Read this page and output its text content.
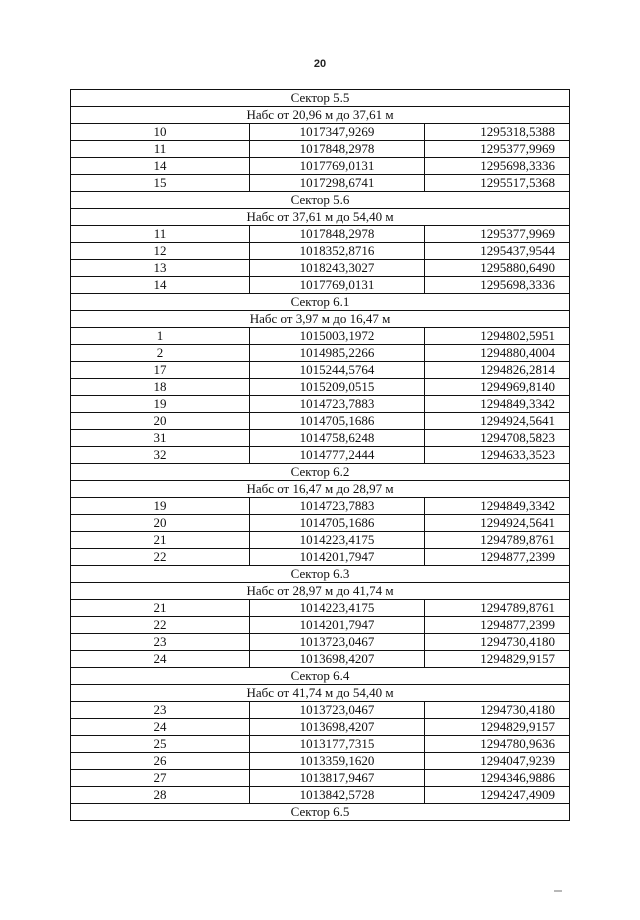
20
Сектор 5.5		
Набс от 20,96 м до 37,61 м		
10	1017347,9269	1295318,5388
11	1017848,2978	1295377,9969
14	1017769,0131	1295698,3336
15	1017298,6741	1295517,5368
Сектор 5.6		
Набс от 37,61 м до 54,40 м		
11	1017848,2978	1295377,9969
12	1018352,8716	1295437,9544
13	1018243,3027	1295880,6490
14	1017769,0131	1295698,3336
Сектор 6.1		
Набс от 3,97 м до 16,47 м		
1	1015003,1972	1294802,5951
2	1014985,2266	1294880,4004
17	1015244,5764	1294826,2814
18	1015209,0515	1294969,8140
19	1014723,7883	1294849,3342
20	1014705,1686	1294924,5641
31	1014758,6248	1294708,5823
32	1014777,2444	1294633,3523
Сектор 6.2		
Набс от 16,47 м до 28,97 м		
19	1014723,7883	1294849,3342
20	1014705,1686	1294924,5641
21	1014223,4175	1294789,8761
22	1014201,7947	1294877,2399
Сектор 6.3		
Набс от 28,97 м до 41,74 м		
21	1014223,4175	1294789,8761
22	1014201,7947	1294877,2399
23	1013723,0467	1294730,4180
24	1013698,4207	1294829,9157
Сектор 6.4		
Набс от 41,74 м до 54,40 м		
23	1013723,0467	1294730,4180
24	1013698,4207	1294829,9157
25	1013177,7315	1294780,9636
26	1013359,1620	1294047,9239
27	1013817,9467	1294346,9886
28	1013842,5728	1294247,4909
Сектор 6.5		
